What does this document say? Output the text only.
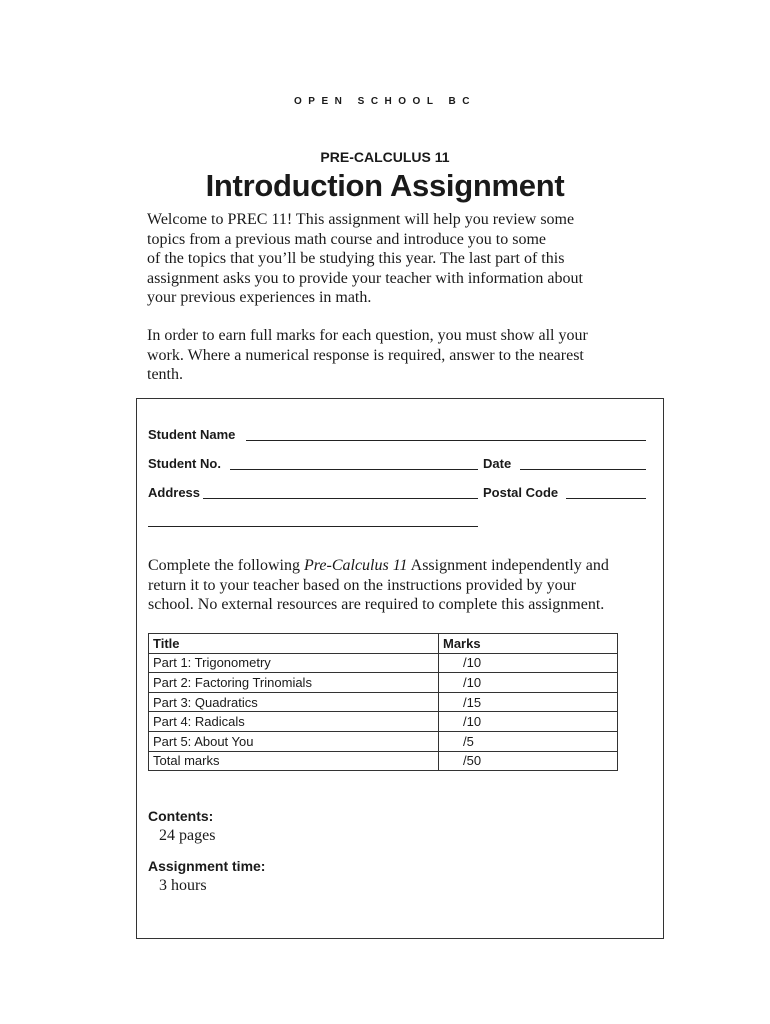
OPEN SCHOOL BC
PRE-CALCULUS 11
Introduction Assignment
Welcome to PREC 11! This assignment will help you review some
topics from a previous math course and introduce you to some
of the topics that you’ll be studying this year. The last part of this
assignment asks you to provide your teacher with information about
your previous experiences in math.
In order to earn full marks for each question, you must show all your
work. Where a numerical response is required, answer to the nearest
tenth.
Student Name
Student No.	Date
Address	Postal Code
Complete the following Pre-Calculus 11 Assignment independently and
return it to your teacher based on the instructions provided by your
school. No external resources are required to complete this assignment.
Title	Marks
Part 1: Trigonometry	/10
Part 2: Factoring Trinomials	/10
Part 3: Quadratics	/15
Part 4: Radicals	/10
Part 5: About You	/5
Total marks	/50
Contents:
24 pages
Assignment time:
3 hours
